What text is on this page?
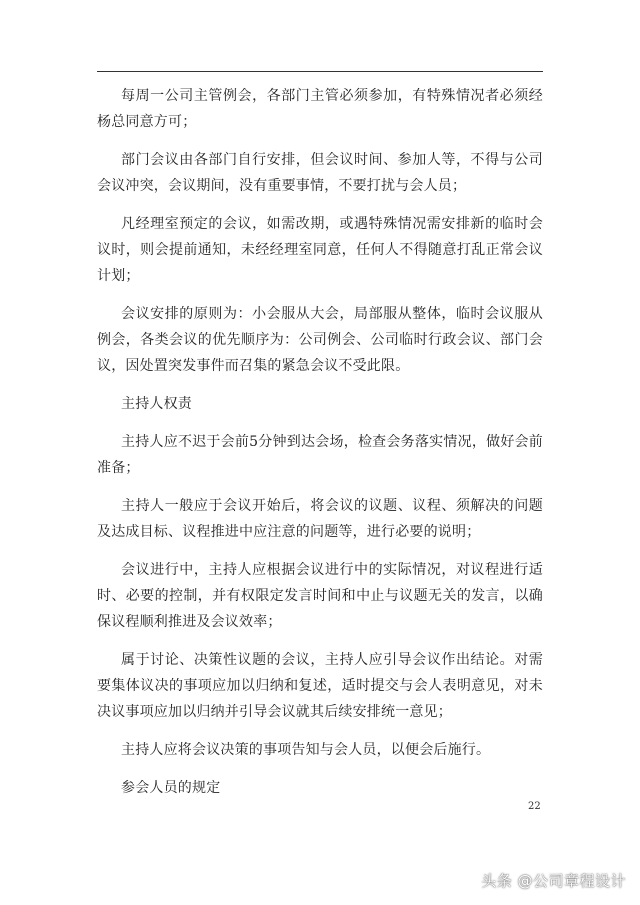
每周一公司主管例会，各部门主管必须参加，有特殊情况者必须经杨总同意方可；

部门会议由各部门自行安排，但会议时间、参加人等，不得与公司会议冲突，会议期间，没有重要事情，不要打扰与会人员；

凡经理室预定的会议，如需改期，或遇特殊情况需安排新的临时会议时，则会提前通知，未经经理室同意，任何人不得随意打乱正常会议计划；

会议安排的原则为：小会服从大会，局部服从整体，临时会议服从例会，各类会议的优先顺序为：公司例会、公司临时行政会议、部门会议，因处置突发事件而召集的紧急会议不受此限。

主持人权责

主持人应不迟于会前5分钟到达会场，检查会务落实情况，做好会前准备；

主持人一般应于会议开始后，将会议的议题、议程、须解决的问题及达成目标、议程推进中应注意的问题等，进行必要的说明；

会议进行中，主持人应根据会议进行中的实际情况，对议程进行适时、必要的控制，并有权限定发言时间和中止与议题无关的发言，以确保议程顺利推进及会议效率；

属于讨论、决策性议题的会议，主持人应引导会议作出结论。对需要集体议决的事项应加以归纳和复述，适时提交与会人表明意见，对未决议事项应加以归纳并引导会议就其后续安排统一意见；

主持人应将会议决策的事项告知与会人员，以便会后施行。

参会人员的规定

22
头条 @公司章程设计
